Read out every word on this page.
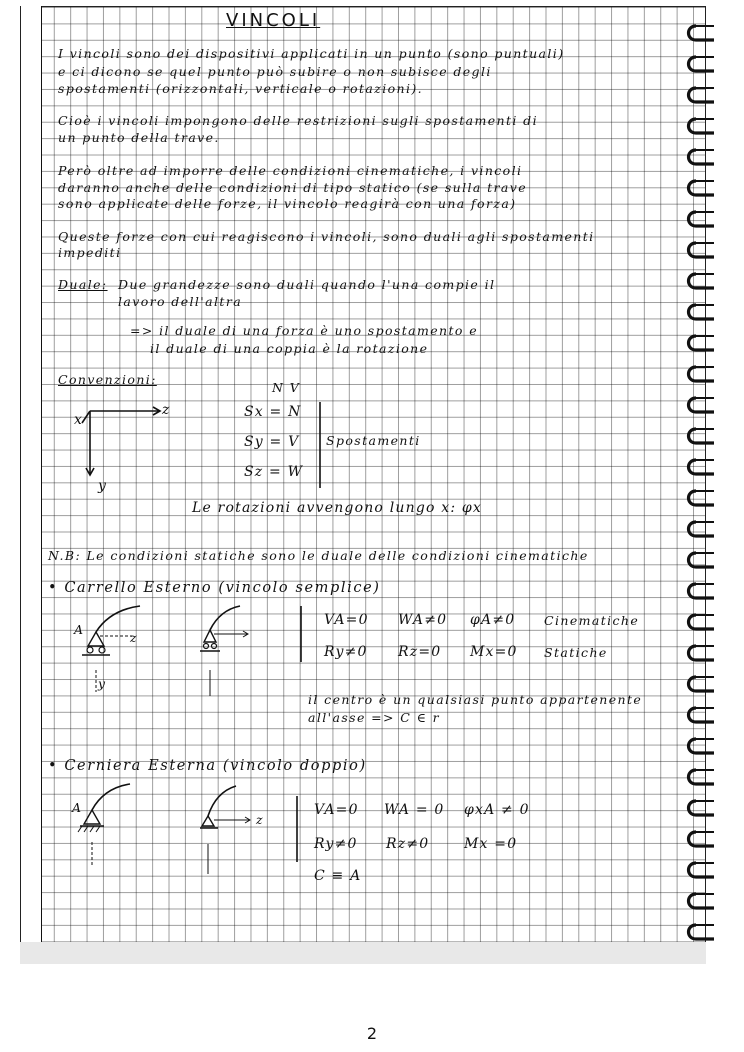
VINCOLI
I vincoli sono dei dispositivi applicati in un punto (sono puntuali)
e ci dicono se quel punto può subire o non subisce degli
spostamenti (orizzontali, verticale o rotazioni).
Cioè i vincoli impongono delle restrizioni sugli spostamenti di
un punto della trave.
Però oltre ad imporre delle condizioni cinematiche, i vincoli
daranno anche delle condizioni di tipo statico (se sulla trave
sono applicate delle forze, il vincolo reagirà con una forza)
Queste forze con cui reagiscono i vincoli, sono duali agli spostamenti
impediti
Duale: Due grandezze sono duali quando l'una compie il
lavoro dell'altra
=> il duale di una forza è uno spostamento e
il duale di una coppia è la rotazione
Convenzioni:
z
x
y
N V
Sx = N
Sy = V
Sz = W
Spostamenti
Le rotazioni avvengono lungo x: φx
N.B: Le condizioni statiche sono le duale delle condizioni cinematiche
• Carrello Esterno (vincolo semplice)
A
z
y
VA=0 WA≠0 φA≠0 Cinematiche
Ry≠0 Rz=0 Mx=0 Statiche
il centro è un qualsiasi punto appartenente
all'asse => C ∈ r
• Cerniera Esterna (vincolo doppio)
A
z
VA=0 WA = 0 φxA ≠ 0
Ry≠0 Rz≠0 Mx =0
C ≡ A
2
